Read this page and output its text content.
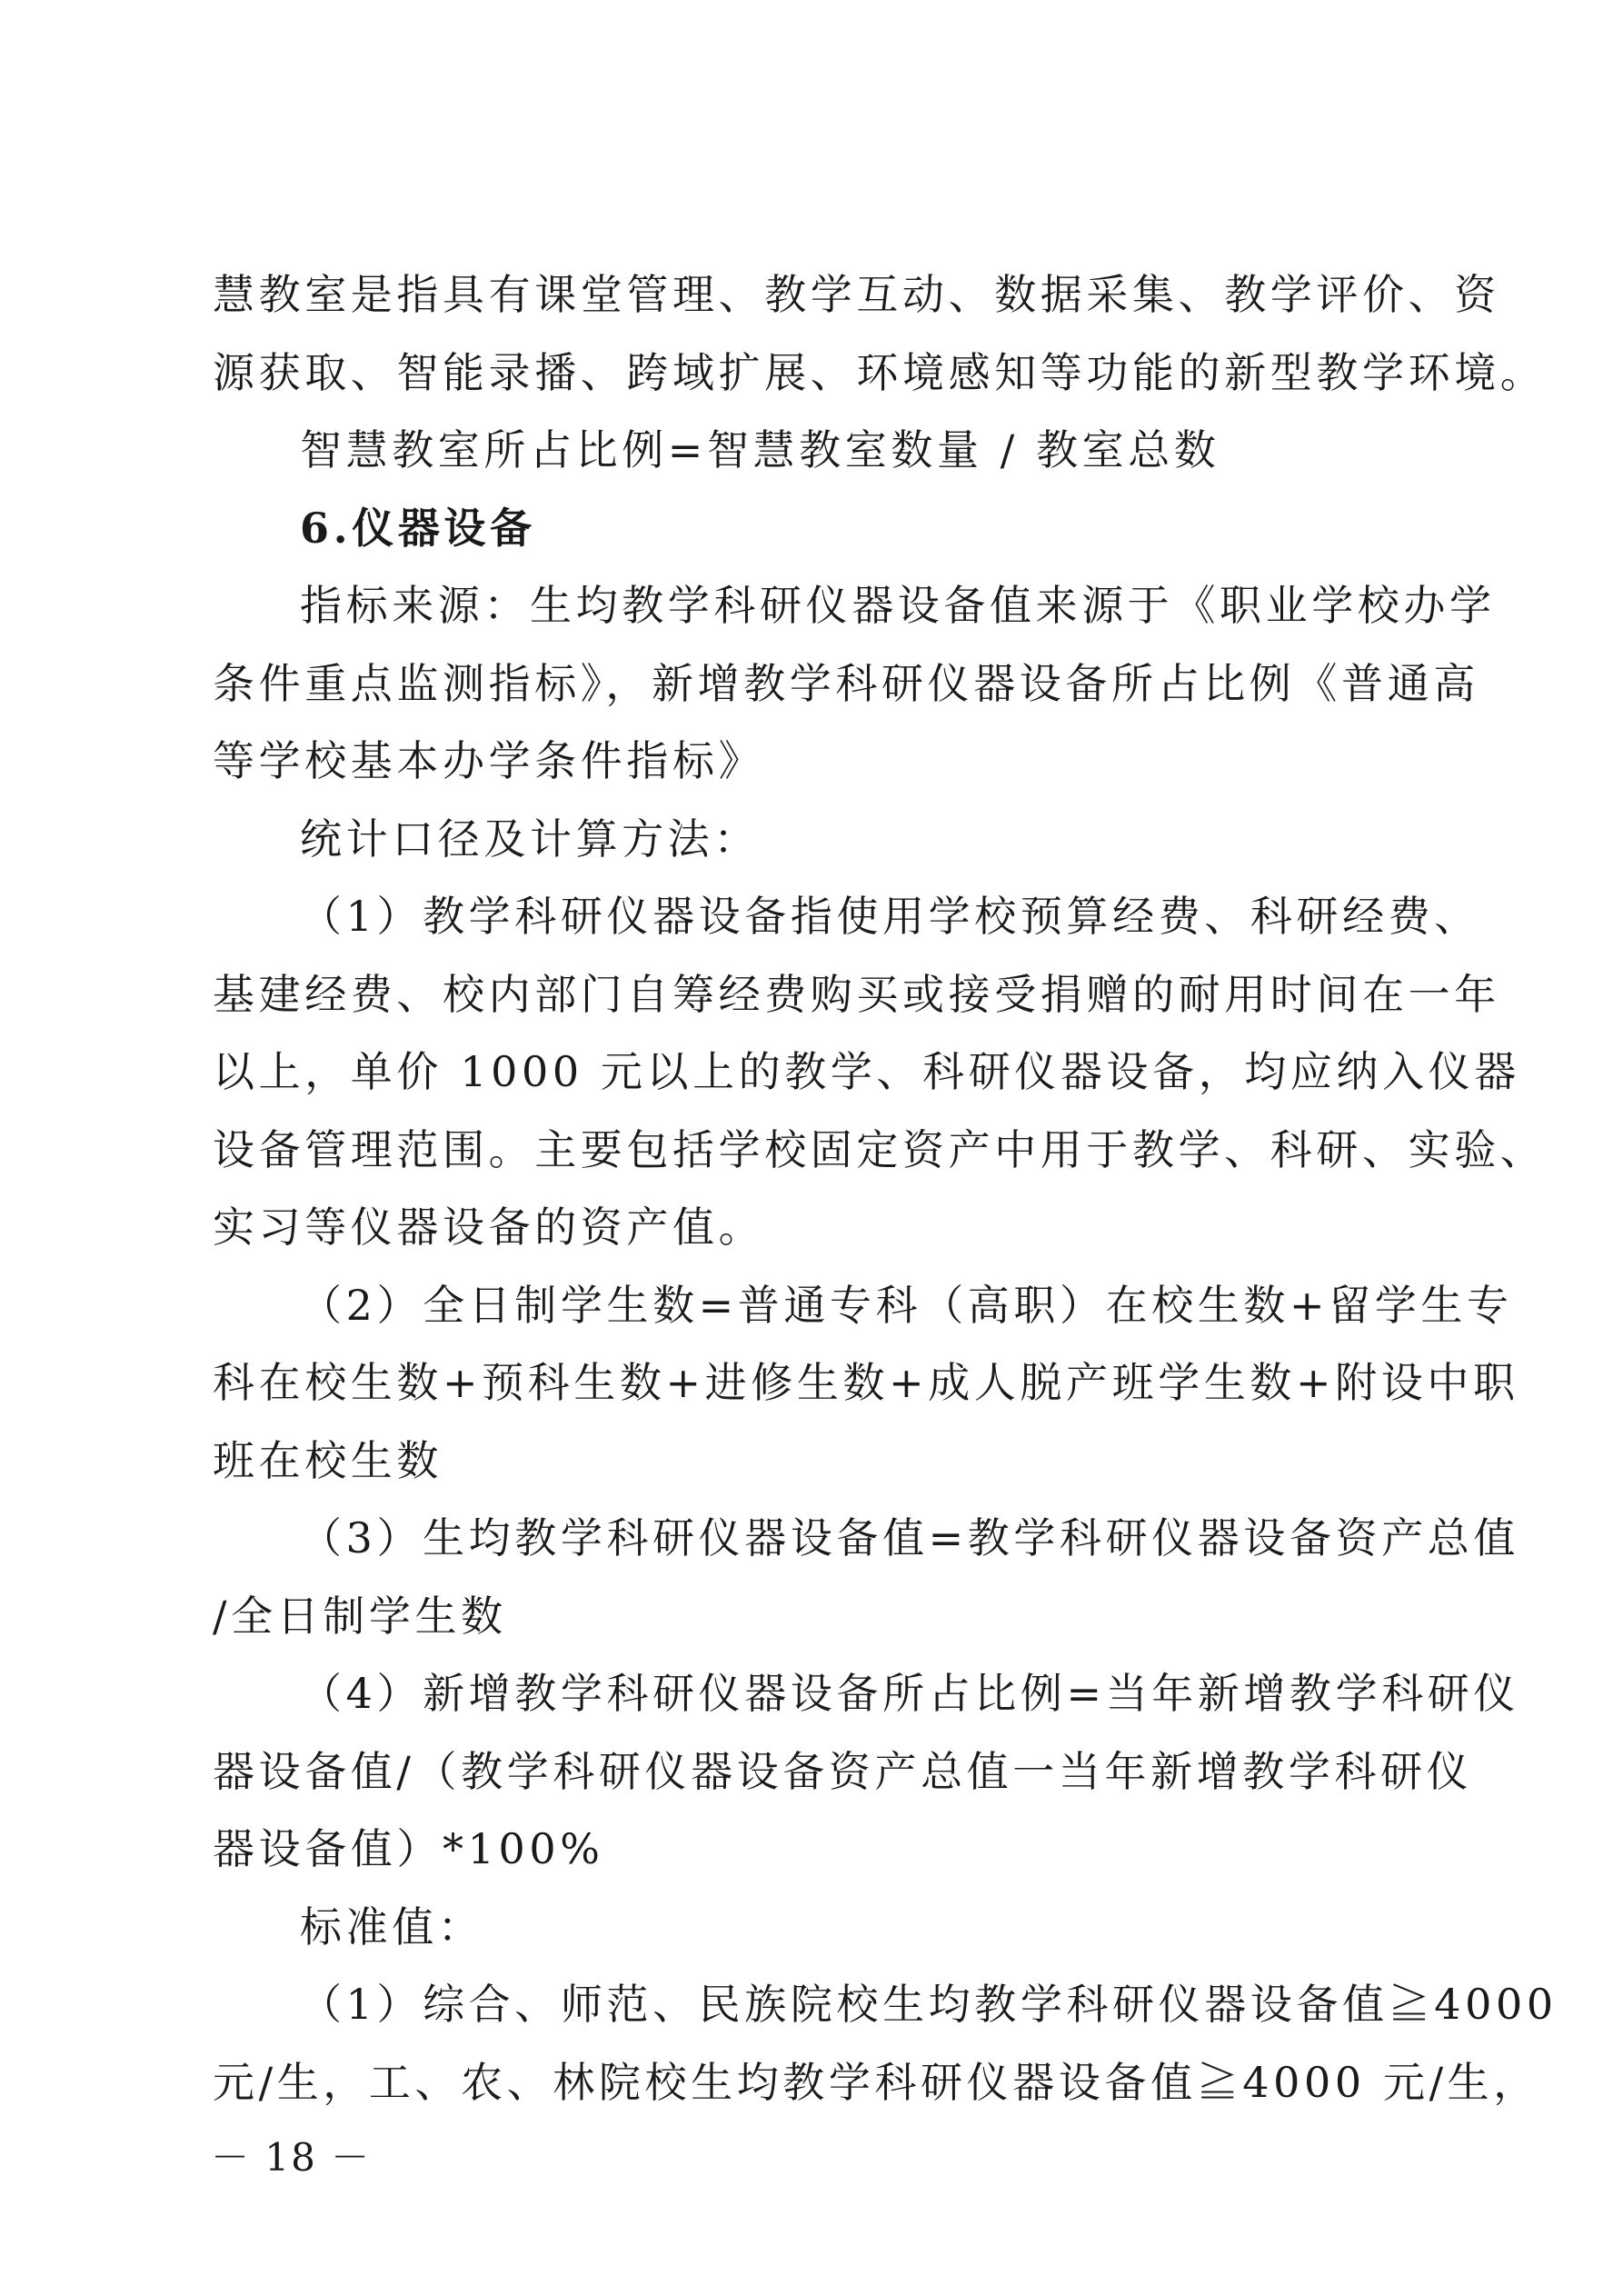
慧教室是指具有课堂管理、教学互动、数据采集、教学评价、资
源获取、智能录播、跨域扩展、环境感知等功能的新型教学环境。
智慧教室所占比例=智慧教室数量 / 教室总数
6.仪器设备
指标来源：生均教学科研仪器设备值来源于《职业学校办学
条件重点监测指标》，新增教学科研仪器设备所占比例《普通高
等学校基本办学条件指标》
统计口径及计算方法：
（1）教学科研仪器设备指使用学校预算经费、科研经费、
基建经费、校内部门自筹经费购买或接受捐赠的耐用时间在一年
以上，单价 1000 元以上的教学、科研仪器设备，均应纳入仪器
设备管理范围。主要包括学校固定资产中用于教学、科研、实验、
实习等仪器设备的资产值。
（2）全日制学生数=普通专科（高职）在校生数+留学生专
科在校生数+预科生数+进修生数+成人脱产班学生数+附设中职
班在校生数
（3）生均教学科研仪器设备值=教学科研仪器设备资产总值
/全日制学生数
（4）新增教学科研仪器设备所占比例=当年新增教学科研仪
器设备值/（教学科研仪器设备资产总值一当年新增教学科研仪
器设备值）*100%
标准值：
（1）综合、师范、民族院校生均教学科研仪器设备值≧4000
元/生，工、农、林院校生均教学科研仪器设备值≧4000 元/生，
－ 18 －
